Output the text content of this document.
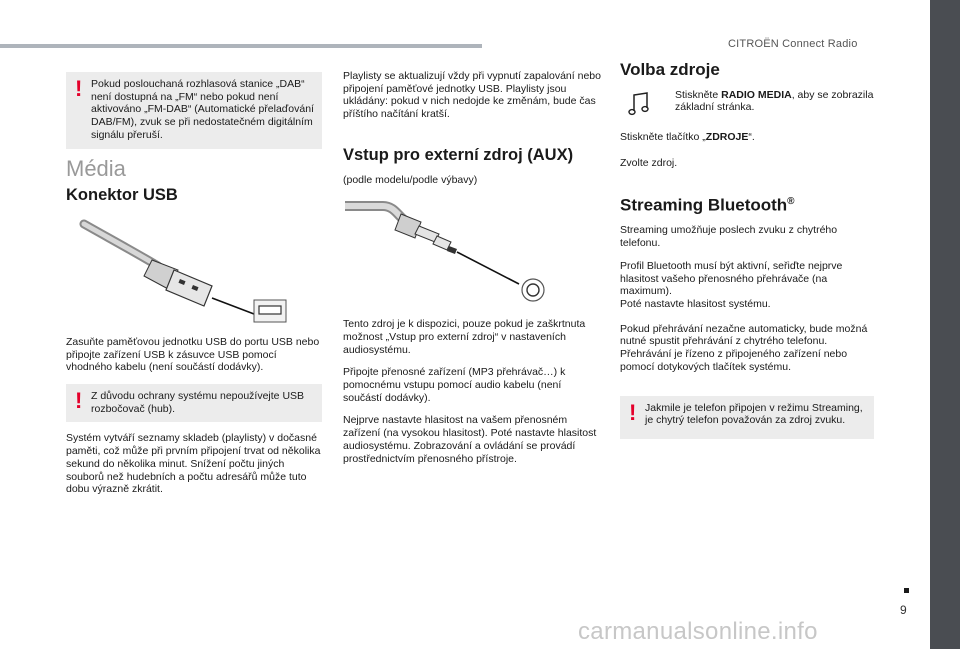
CITROËN Connect Radio
! Pokud poslouchaná rozhlasová stanice „DAB“ není dostupná na „FM“ nebo pokud není aktivováno „FM-DAB“ (Automatické přelaďování DAB/FM), zvuk se při nedostatečném digitálním signálu přeruší.

Média
Konektor USB

Zasuňte paměťovou jednotku USB do portu USB nebo připojte zařízení USB k zásuvce USB pomocí vhodného kabelu (není součástí dodávky).

! Z důvodu ochrany systému nepoužívejte USB rozbočovač (hub).

Systém vytváří seznamy skladeb (playlisty) v dočasné paměti, což může při prvním připojení trvat od několika sekund do několika minut. Snížení počtu jiných souborů než hudebních a počtu adresářů může tuto dobu výrazně zkrátit.

Playlisty se aktualizují vždy při vypnutí zapalování nebo připojení paměťové jednotky USB. Playlisty jsou ukládány: pokud v nich nedojde ke změnám, bude čas příštího načítání kratší.

Vstup pro externí zdroj (AUX)

(podle modelu/podle výbavy)

Tento zdroj je k dispozici, pouze pokud je zaškrtnuta možnost „Vstup pro externí zdroj“ v nastaveních audiosystému.

Připojte přenosné zařízení (MP3 přehrávač…) k pomocnému vstupu pomocí audio kabelu (není součástí dodávky).

Nejprve nastavte hlasitost na vašem přenosném zařízení (na vysokou hlasitost). Poté nastavte hlasitost audiosystému. Zobrazování a ovládání se provádí prostřednictvím přenosného přístroje.

Volba zdroje
Stiskněte RADIO MEDIA, aby se zobrazila základní stránka.

Stiskněte tlačítko „ZDROJE“.

Zvolte zdroj.

Streaming Bluetooth®

Streaming umožňuje poslech zvuku z chytrého telefonu.

Profil Bluetooth musí být aktivní, seřiďte nejprve hlasitost vašeho přenosného přehrávače (na maximum).

Poté nastavte hlasitost systému.

Pokud přehrávání nezačne automaticky, bude možná nutné spustit přehrávání z chytrého telefonu.

Přehrávání je řízeno z připojeného zařízení nebo pomocí dotykových tlačítek systému.

! Jakmile je telefon připojen v režimu Streaming, je chytrý telefon považován za zdroj zvuku.

9
carmanualsonline.info
